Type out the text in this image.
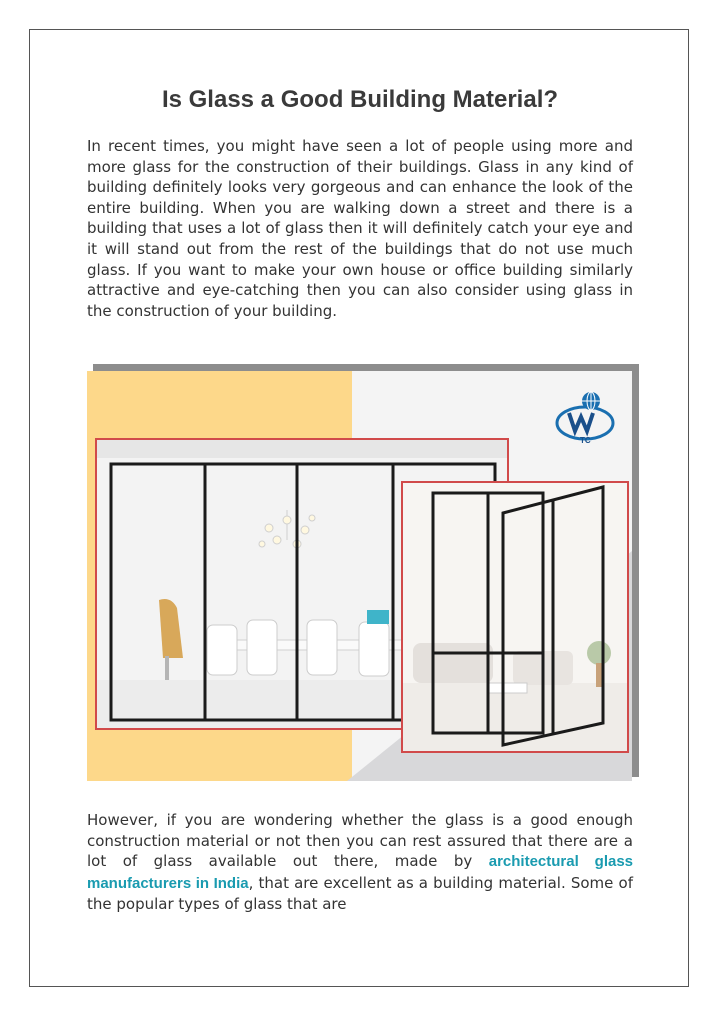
Is Glass a Good Building Material?

In recent times, you might have seen a lot of people using more and more glass for the construction of their buildings. Glass in any kind of building definitely looks very gorgeous and can enhance the look of the entire building. When you are walking down a street and there is a building that uses a lot of glass then it will definitely catch your eye and it will stand out from the rest of the buildings that do not use much glass. If you want to make your own house or office building similarly attractive and eye-catching then you can also consider using glass in the construction of your building.

TC

However, if you are wondering whether the glass is a good enough construction material or not then you can rest assured that there are a lot of glass available out there, made by architectural glass manufacturers in India, that are excellent as a building material. Some of the popular types of glass that are
